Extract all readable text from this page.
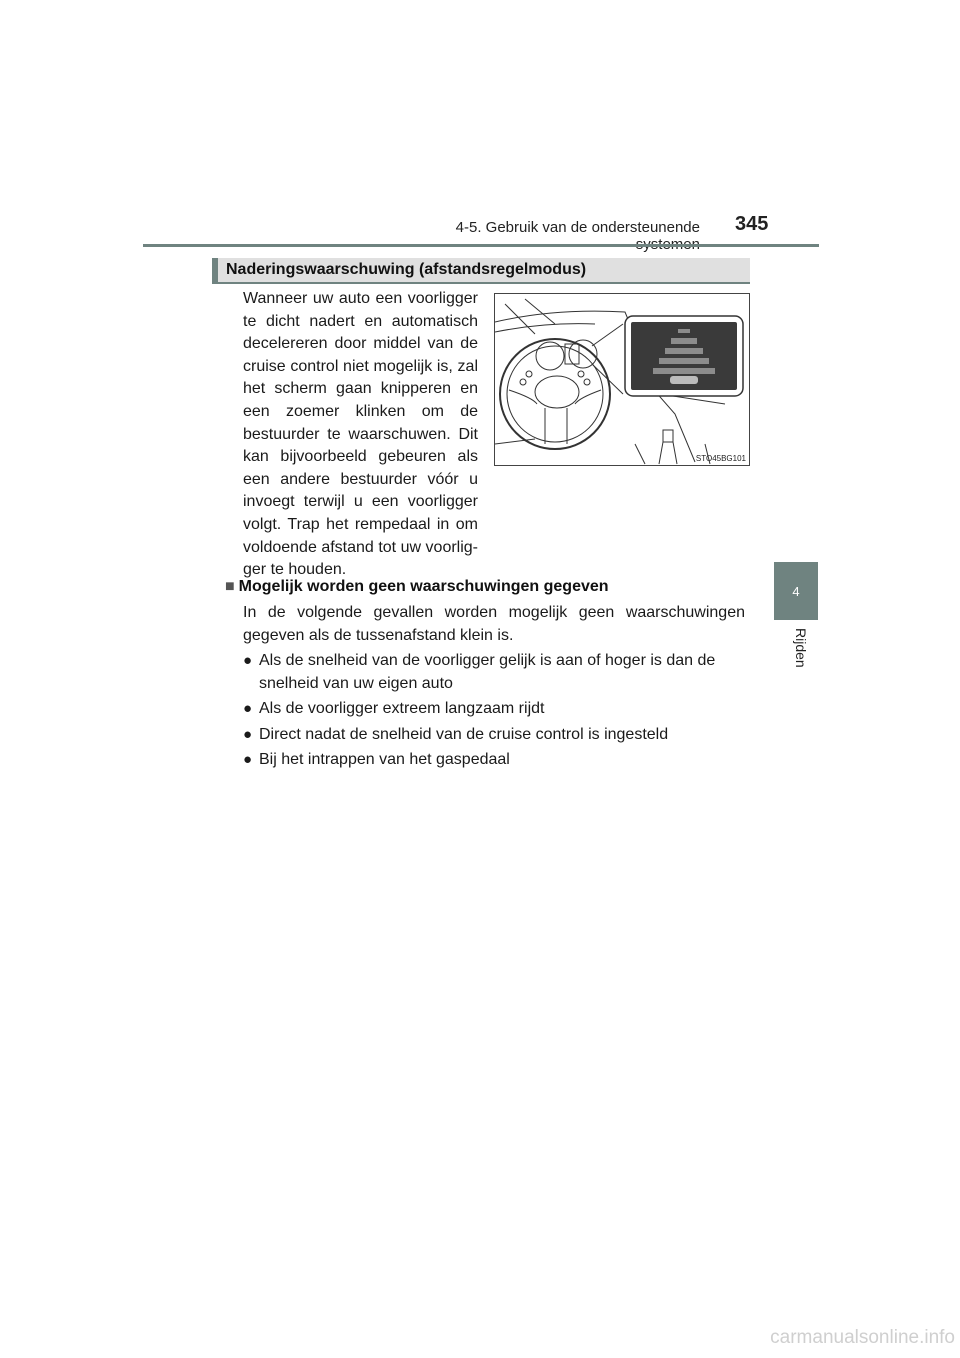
4-5. Gebruik van de ondersteunende 345
4
Rijden
Naderingswaarschuwing (afstandsregelmodus)
Wanneer uw auto een voorligger te dicht nadert en automatisch decelereren door middel van de cruise control niet mogelijk is, zal het scherm gaan knipperen en een zoemer klinken om de bestuurder te waarschuwen. Dit kan bijvoorbeeld gebeuren als een andere bestuurder vóór u invoegt terwijl u een voorligger volgt. Trap het rempedaal in om voldoende afstand tot uw voorlig-ger te houden.
STO45BG101
■ Mogelijk worden geen waarschuwingen gegeven
In de volgende gevallen worden mogelijk geen waarschuwingen gegeven als de tussenafstand klein is.
● Als de snelheid van de voorligger gelijk is aan of hoger is dan de snelheid van uw eigen auto
● Als de voorligger extreem langzaam rijdt
● Direct nadat de snelheid van de cruise control is ingesteld
● Bij het intrappen van het gaspedaal
carmanualsonline.info
